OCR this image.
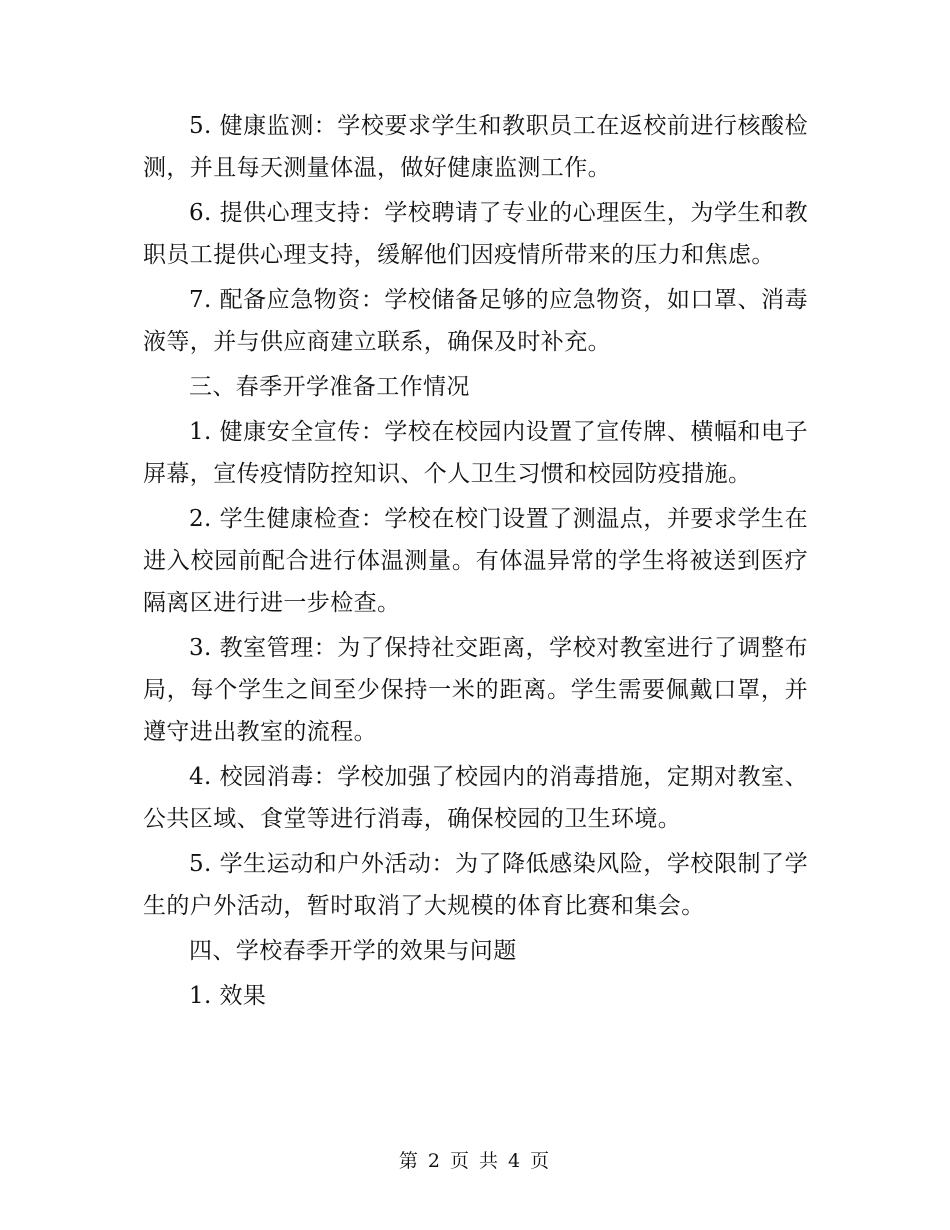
5. 健康监测：学校要求学生和教职员工在返校前进行核酸检测，并且每天测量体温，做好健康监测工作。

6. 提供心理支持：学校聘请了专业的心理医生，为学生和教职员工提供心理支持，缓解他们因疫情所带来的压力和焦虑。

7. 配备应急物资：学校储备足够的应急物资，如口罩、消毒液等，并与供应商建立联系，确保及时补充。

三、春季开学准备工作情况

1. 健康安全宣传：学校在校园内设置了宣传牌、横幅和电子屏幕，宣传疫情防控知识、个人卫生习惯和校园防疫措施。

2. 学生健康检查：学校在校门设置了测温点，并要求学生在进入校园前配合进行体温测量。有体温异常的学生将被送到医疗隔离区进行进一步检查。

3. 教室管理：为了保持社交距离，学校对教室进行了调整布局，每个学生之间至少保持一米的距离。学生需要佩戴口罩，并遵守进出教室的流程。

4. 校园消毒：学校加强了校园内的消毒措施，定期对教室、公共区域、食堂等进行消毒，确保校园的卫生环境。

5. 学生运动和户外活动：为了降低感染风险，学校限制了学生的户外活动，暂时取消了大规模的体育比赛和集会。

四、学校春季开学的效果与问题

1. 效果

第 2 页 共 4 页
